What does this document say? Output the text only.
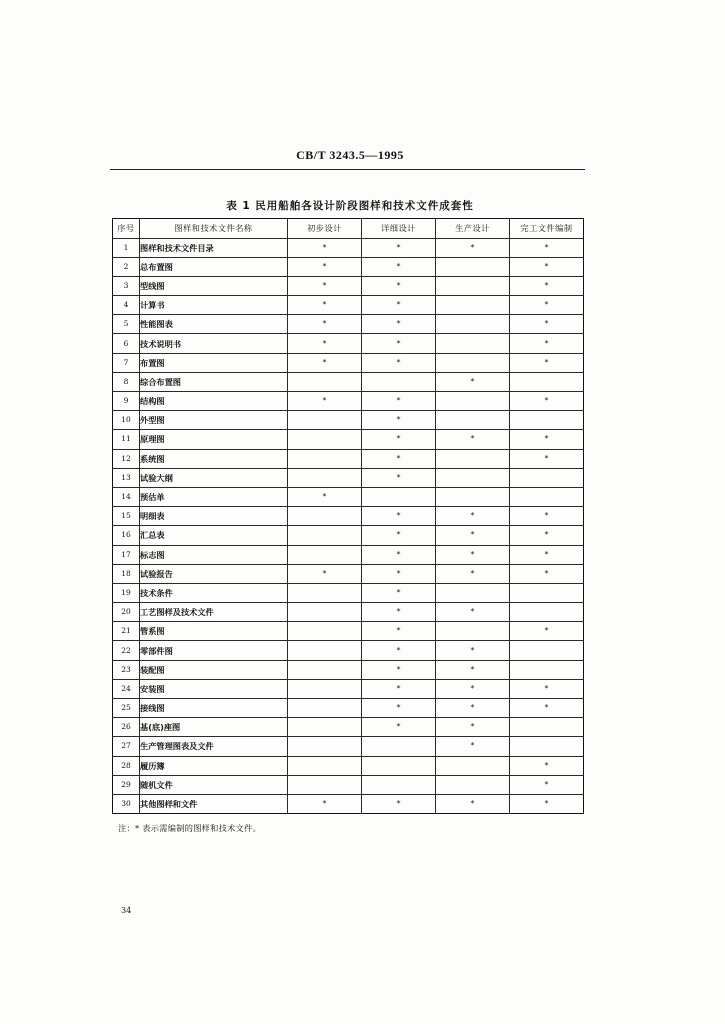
CB/T 3243.5—1995
表 1 民用船舶各设计阶段图样和技术文件成套性
序号	图样和技术文件名称	初步设计	详细设计	生产设计	完工文件编制
1	图样和技术文件目录	*	*	*	*
2	总布置图	*	*		*
3	型线图	*	*		*
4	计算书	*	*		*
5	性能图表	*	*		*
6	技术说明书	*	*		*
7	布置图	*	*		*
8	综合布置图			*	
9	结构图	*	*		*
10	外型图		*		
11	原理图		*	*	*
12	系统图		*		*
13	试验大纲		*		
14	预估单	*			
15	明细表		*	*	*
16	汇总表		*	*	*
17	标志图		*	*	*
18	试验报告	*	*	*	*
19	技术条件		*		
20	工艺图样及技术文件		*	*	
21	管系图		*		*
22	零部件图		*	*	
23	装配图		*	*	
24	安装图		*	*	*
25	接线图		*	*	*
26	基(底)座图		*	*	
27	生产管理图表及文件			*	
28	履历簿				*
29	随机文件				*
30	其他图样和文件	*	*	*	*
注：* 表示需编制的图样和技术文件。
34
